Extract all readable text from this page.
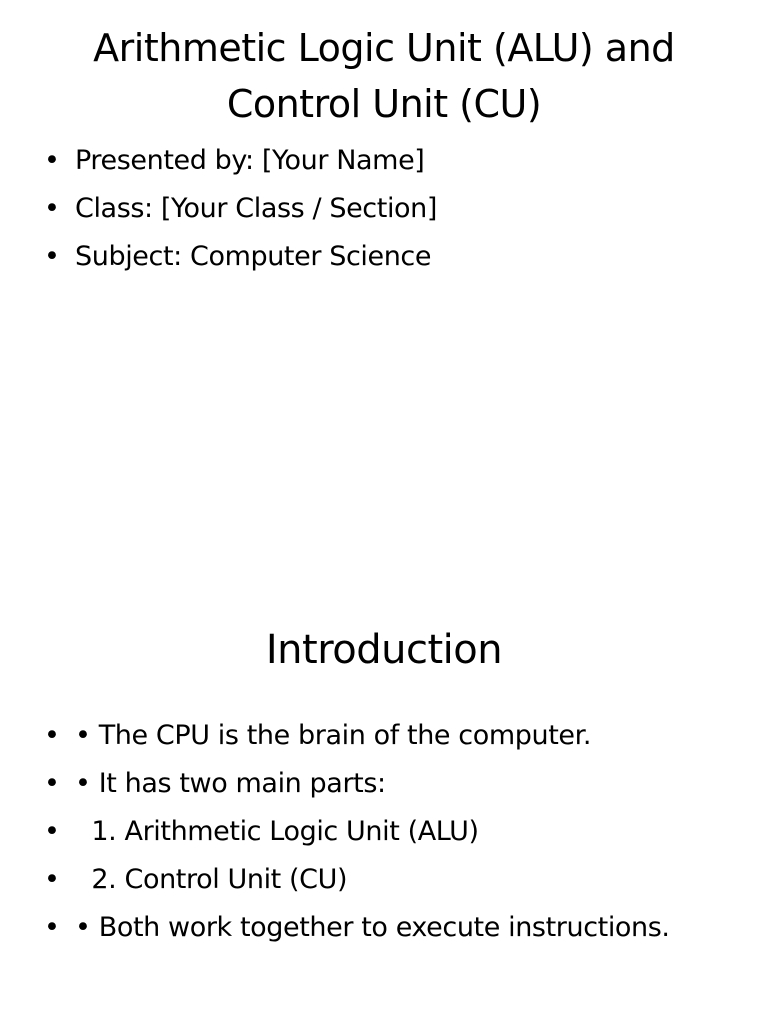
Arithmetic Logic Unit (ALU) and Control Unit (CU)
• Presented by: [Your Name]
• Class: [Your Class / Section]
• Subject: Computer Science
Introduction
• • The CPU is the brain of the computer.
• • It has two main parts:
• 1. Arithmetic Logic Unit (ALU)
• 2. Control Unit (CU)
• • Both work together to execute instructions.
